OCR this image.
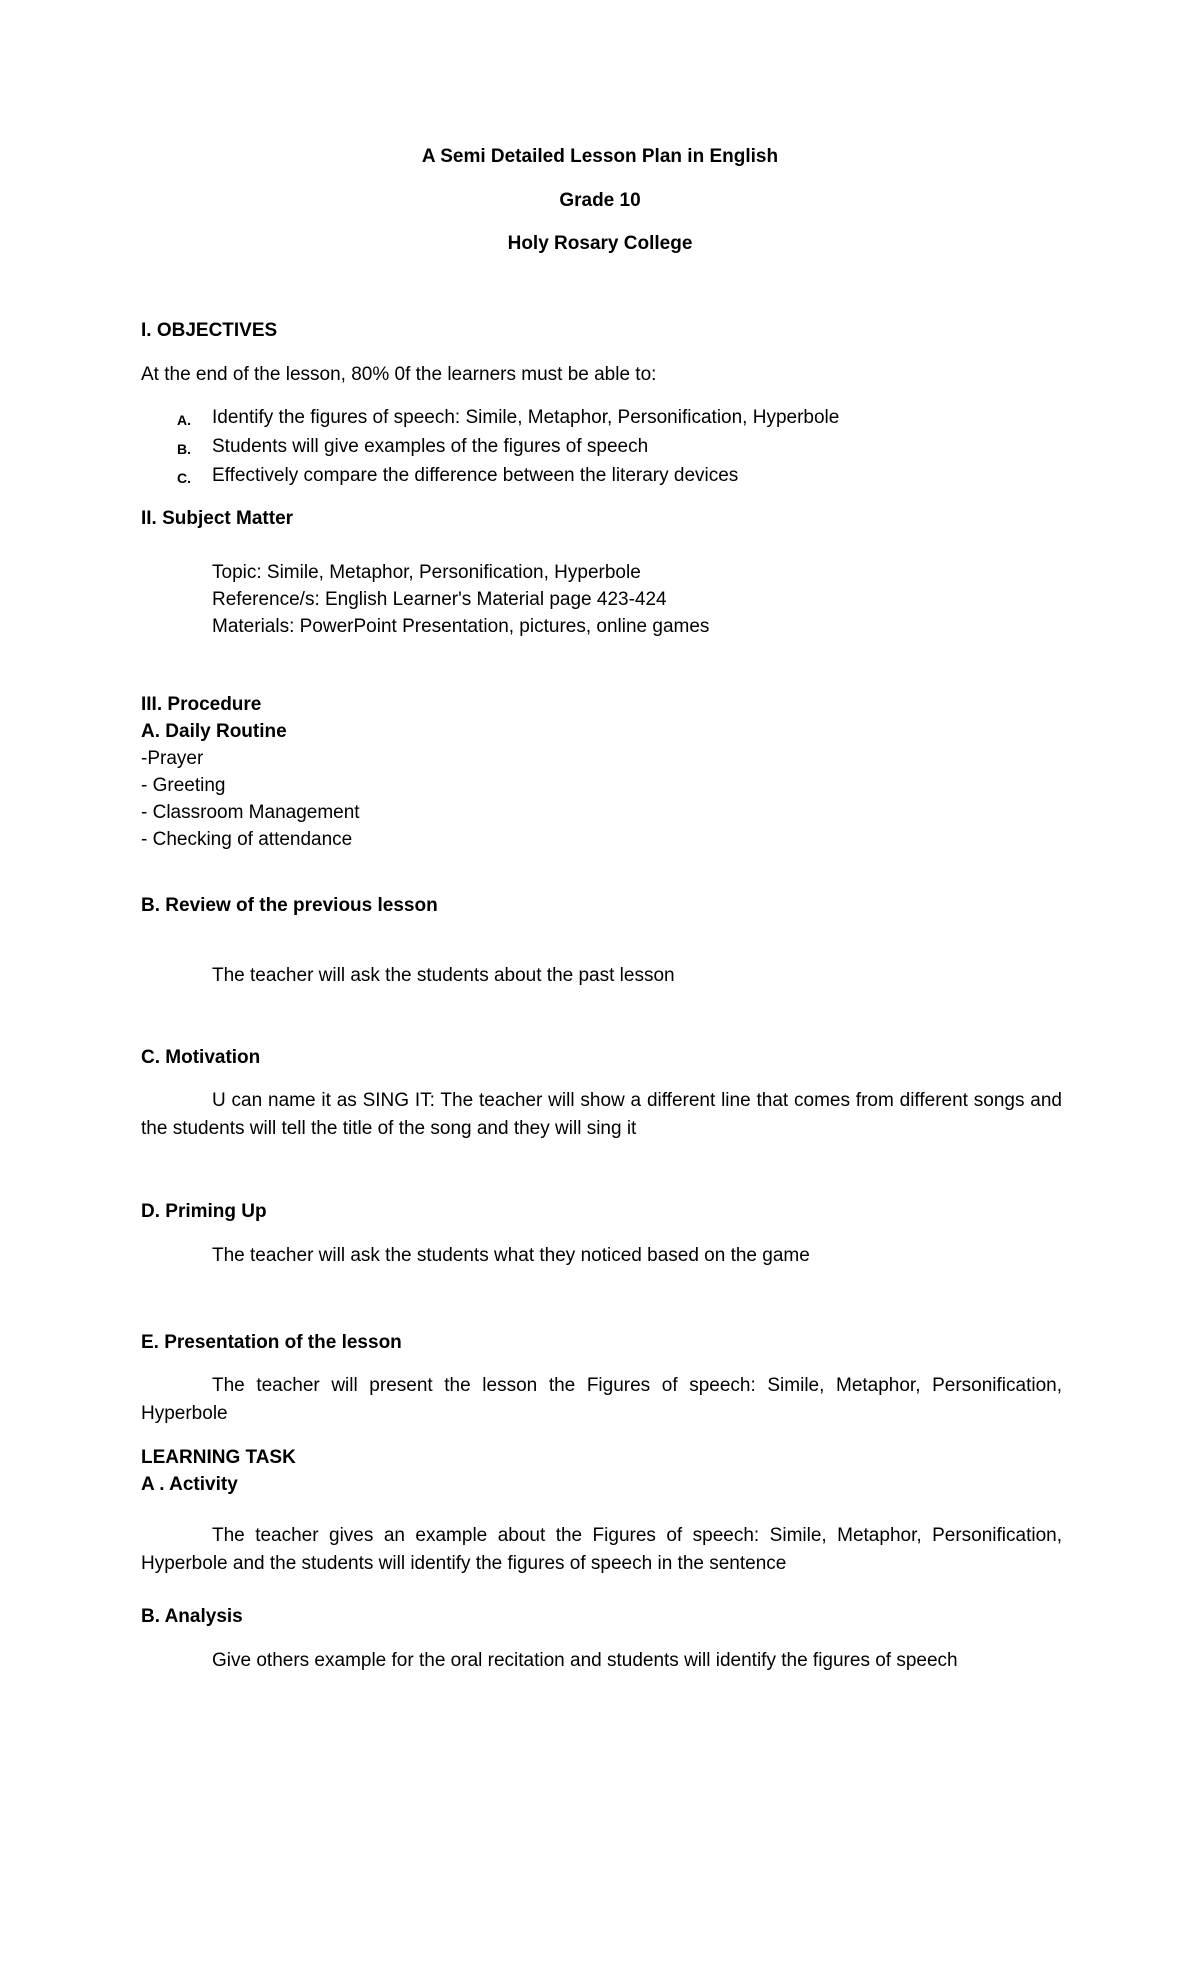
A Semi Detailed Lesson Plan in English

Grade 10

Holy Rosary College

I. OBJECTIVES

At the end of the lesson, 80% 0f the learners must be able to:

A. Identify the figures of speech: Simile, Metaphor, Personification, Hyperbole
B. Students will give examples of the figures of speech
C. Effectively compare the difference between the literary devices

II. Subject Matter

Topic: Simile, Metaphor, Personification, Hyperbole

Reference/s: English Learner's Material page 423-424

Materials: PowerPoint Presentation, pictures, online games

III. Procedure

A. Daily Routine

-Prayer

- Greeting

- Classroom Management

- Checking of attendance

B. Review of the previous lesson

The teacher will ask the students about the past lesson

C. Motivation

U can name it as SING IT: The teacher will show a different line that comes from different songs and the students will tell the title of the song and they will sing it

D. Priming Up

The teacher will ask the students what they noticed based on the game

E. Presentation of the lesson

The teacher will present the lesson the Figures of speech: Simile, Metaphor, Personification, Hyperbole

LEARNING TASK

A . Activity

The teacher gives an example about the Figures of speech: Simile, Metaphor, Personification, Hyperbole and the students will identify the figures of speech in the sentence

B. Analysis

Give others example for the oral recitation and students will identify the figures of speech
